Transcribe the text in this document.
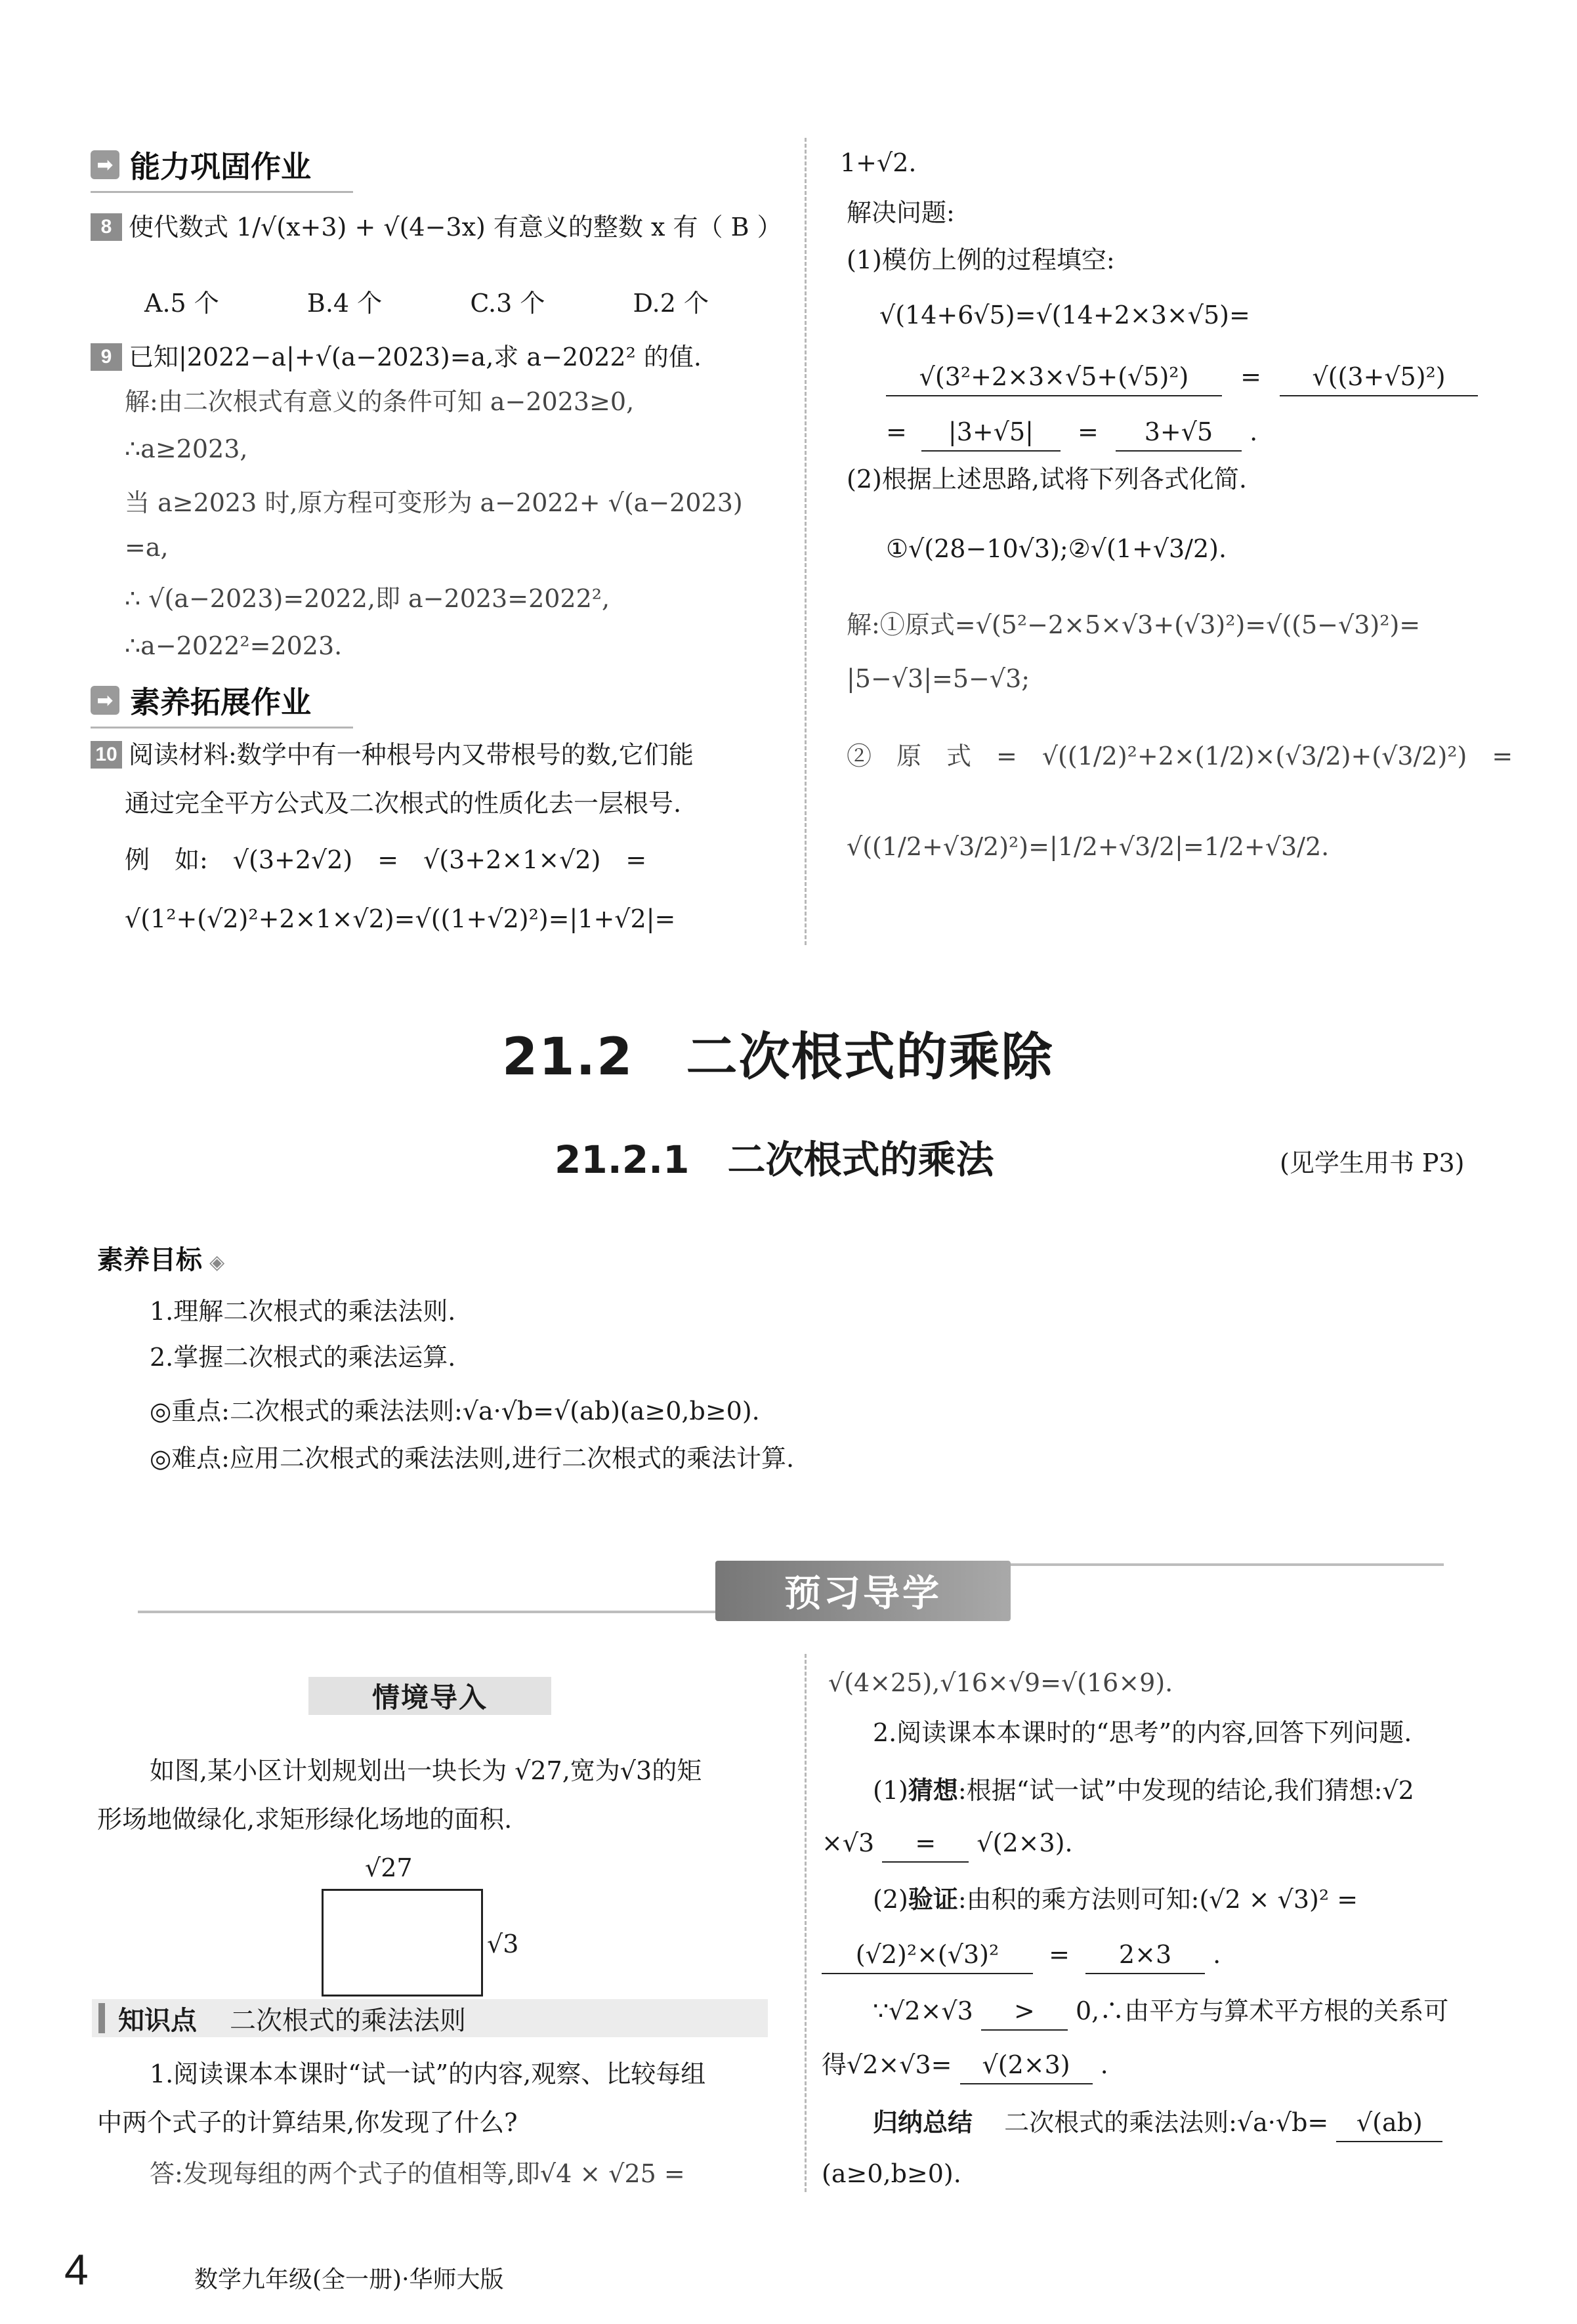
➡ 能力巩固作业
8 使代数式 1/√(x+3) + √(4−3x) 有意义的整数 x 有（ B ）
A.5 个	B.4 个	C.3 个	D.2 个
9 已知|2022−a|+√(a−2023)=a,求 a−2022² 的值.
解:由二次根式有意义的条件可知 a−2023≥0,
∴a≥2023,
当 a≥2023 时,原方程可变形为 a−2022+ √(a−2023)
=a,
∴ √(a−2023)=2022,即 a−2023=2022²,
∴a−2022²=2023.
➡ 素养拓展作业
10 阅读材料:数学中有一种根号内又带根号的数,它们能
通过完全平方公式及二次根式的性质化去一层根号.
例　如:　√(3+2√2)　=　√(3+2×1×√2)　=
√(1²+(√2)²+2×1×√2)=√((1+√2)²)=|1+√2|=
1+√2.
解决问题:
(1)模仿上例的过程填空:
√(14+6√5)=√(14+2×3×√5)=
√(3²+2×3×√5+(√5)²) = √((3+√5)²)
= |3+√5| = 3+√5 .
(2)根据上述思路,试将下列各式化简.
①√(28−10√3);②√(1+√3/2).
解:①原式=√(5²−2×5×√3+(√3)²)=√((5−√3)²)=
|5−√3|=5−√3;
②　原　式　=　√((1/2)²+2×(1/2)×(√3/2)+(√3/2)²)　=
√((1/2+√3/2)²)=|1/2+√3/2|=1/2+√3/2.
21.2　二次根式的乘除
21.2.1　二次根式的乘法	(见学生用书 P3)
素养目标 ◈
1.理解二次根式的乘法法则.
2.掌握二次根式的乘法运算.
◎重点:二次根式的乘法法则:√a·√b=√(ab)(a≥0,b≥0).
◎难点:应用二次根式的乘法法则,进行二次根式的乘法计算.
预习导学
情境导入
如图,某小区计划规划出一块长为 √27,宽为√3的矩
形场地做绿化,求矩形绿化场地的面积.
√27
√3
知识点 二次根式的乘法法则
1.阅读课本本课时“试一试”的内容,观察、比较每组
中两个式子的计算结果,你发现了什么?
答:发现每组的两个式子的值相等,即√4 × √25 =
√(4×25),√16×√9=√(16×9).
2.阅读课本本课时的“思考”的内容,回答下列问题.
(1)猜想:根据“试一试”中发现的结论,我们猜想:√2
×√3 = √(2×3).
(2)验证:由积的乘方法则可知:(√2 × √3)² =
(√2)²×(√3)² = 2×3 .
∵√2×√3 > 0,∴由平方与算术平方根的关系可
得√2×√3= √(2×3) .
归纳总结 二次根式的乘法法则:√a·√b= √(ab)
(a≥0,b≥0).
4	数学九年级(全一册)·华师大版
